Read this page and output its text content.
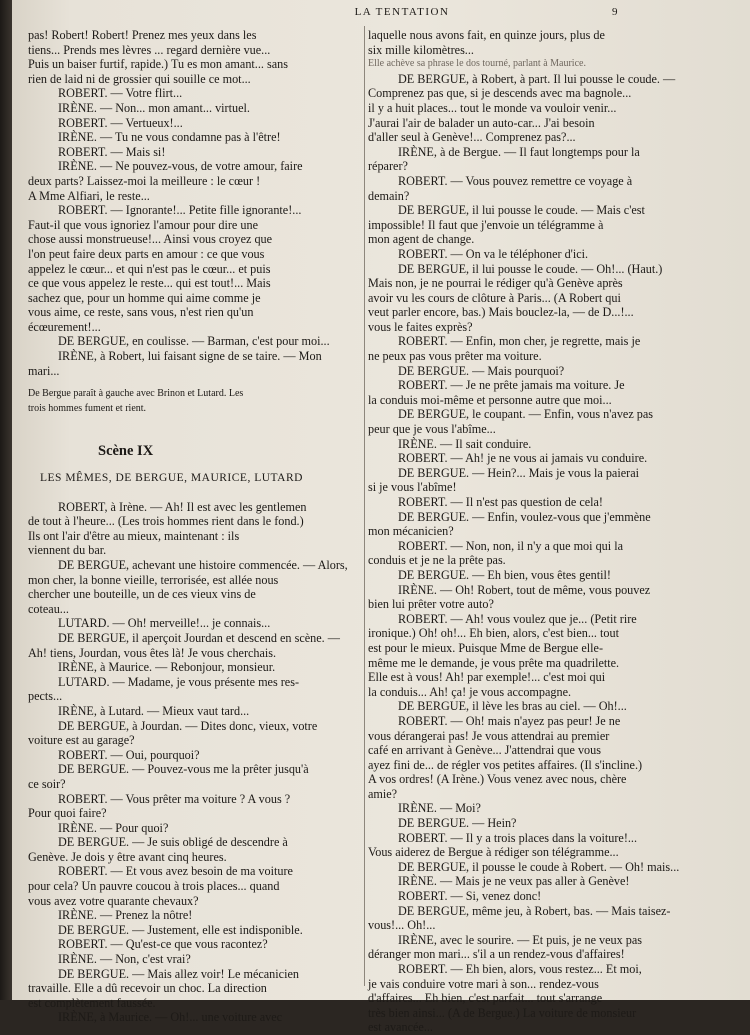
LA TENTATION	9
pas! Robert! Robert! Prenez mes yeux dans les
tiens... Prends mes lèvres ... regard dernière vue...
Puis un baiser furtif, rapide.) Tu es mon amant... sans
rien de laid ni de grossier qui souille ce mot...
ROBERT. — Votre flirt...
IRÈNE. — Non... mon amant... virtuel.
ROBERT. — Vertueux!...
IRÈNE. — Tu ne vous condamne pas à l'être!
ROBERT. — Mais si!
IRÈNE. — Ne pouvez-vous, de votre amour, faire
deux parts? Laissez-moi la meilleure : le cœur !
A Mme Alfiari, le reste...
ROBERT. — Ignorante!... Petite fille ignorante!...
Faut-il que vous ignoriez l'amour pour dire une
chose aussi monstrueuse!... Ainsi vous croyez que
l'on peut faire deux parts en amour : ce que vous
appelez le cœur... et qui n'est pas le cœur... et puis
ce que vous appelez le reste... qui est tout!... Mais
sachez que, pour un homme qui aime comme je
vous aime, ce reste, sans vous, n'est rien qu'un
écœurement!...
DE BERGUE, en coulisse. — Barman, c'est pour moi...
IRÈNE, à Robert, lui faisant signe de se taire. — Mon
mari...
De Bergue paraît à gauche avec Brinon et Lutard. Les
trois hommes fument et rient.
Scène IX
LES MÊMES, DE BERGUE, MAURICE, LUTARD
ROBERT, à Irène. — Ah! Il est avec les gentlemen
de tout à l'heure... (Les trois hommes rient dans le fond.)
Ils ont l'air d'être au mieux, maintenant : ils
viennent du bar.
DE BERGUE, achevant une histoire commencée. — Alors,
mon cher, la bonne vieille, terrorisée, est allée nous
chercher une bouteille, un de ces vieux vins de
coteau...
LUTARD. — Oh! merveille!... je connais...
DE BERGUE, il aperçoit Jourdan et descend en scène. —
Ah! tiens, Jourdan, vous êtes là! Je vous cherchais.
IRÈNE, à Maurice. — Rebonjour, monsieur.
LUTARD. — Madame, je vous présente mes res-
pects...
IRÈNE, à Lutard. — Mieux vaut tard...
DE BERGUE, à Jourdan. — Dites donc, vieux, votre
voiture est au garage?
ROBERT. — Oui, pourquoi?
DE BERGUE. — Pouvez-vous me la prêter jusqu'à
ce soir?
ROBERT. — Vous prêter ma voiture ? A vous ?
Pour quoi faire?
IRÈNE. — Pour quoi?
DE BERGUE. — Je suis obligé de descendre à
Genève. Je dois y être avant cinq heures.
ROBERT. — Et vous avez besoin de ma voiture
pour cela? Un pauvre coucou à trois places... quand
vous avez votre quarante chevaux?
IRÈNE. — Prenez la nôtre!
DE BERGUE. — Justement, elle est indisponible.
ROBERT. — Qu'est-ce que vous racontez?
IRÈNE. — Non, c'est vrai?
DE BERGUE. — Mais allez voir! Le mécanicien
travaille. Elle a dû recevoir un choc. La direction
est complètement faussée.
IRÈNE, à Maurice. — Oh!... une voiture avec
laquelle nous avons fait, en quinze jours, plus de
six mille kilomètres...
Elle achève sa phrase le dos tourné, parlant à Maurice.
DE BERGUE, à Robert, à part. Il lui pousse le coude. —
Comprenez pas que, si je descends avec ma bagnole...
il y a huit places... tout le monde va vouloir venir...
J'aurai l'air de balader un auto-car... J'ai besoin
d'aller seul à Genève!... Comprenez pas?...
IRÈNE, à de Bergue. — Il faut longtemps pour la
réparer?
ROBERT. — Vous pouvez remettre ce voyage à
demain?
DE BERGUE, il lui pousse le coude. — Mais c'est
impossible! Il faut que j'envoie un télégramme à
mon agent de change.
ROBERT. — On va le téléphoner d'ici.
DE BERGUE, il lui pousse le coude. — Oh!... (Haut.)
Mais non, je ne pourrai le rédiger qu'à Genève après
avoir vu les cours de clôture à Paris... (A Robert qui
veut parler encore, bas.) Mais bouclez-la, — de D...!...
vous le faites exprès?
ROBERT. — Enfin, mon cher, je regrette, mais je
ne peux pas vous prêter ma voiture.
DE BERGUE. — Mais pourquoi?
ROBERT. — Je ne prête jamais ma voiture. Je
la conduis moi-même et personne autre que moi...
DE BERGUE, le coupant. — Enfin, vous n'avez pas
peur que je vous l'abîme...
IRÈNE. — Il sait conduire.
ROBERT. — Ah! je ne vous ai jamais vu conduire.
DE BERGUE. — Hein?... Mais je vous la paierai
si je vous l'abîme!
ROBERT. — Il n'est pas question de cela!
DE BERGUE. — Enfin, voulez-vous que j'emmène
mon mécanicien?
ROBERT. — Non, non, il n'y a que moi qui la
conduis et je ne la prête pas.
DE BERGUE. — Eh bien, vous êtes gentil!
IRÈNE. — Oh! Robert, tout de même, vous pouvez
bien lui prêter votre auto?
ROBERT. — Ah! vous voulez que je... (Petit rire
ironique.) Oh! oh!... Eh bien, alors, c'est bien... tout
est pour le mieux. Puisque Mme de Bergue elle-
même me le demande, je vous prête ma quadrilette.
Elle est à vous! Ah! par exemple!... c'est moi qui
la conduis... Ah! ça! je vous accompagne.
DE BERGUE, il lève les bras au ciel. — Oh!...
ROBERT. — Oh! mais n'ayez pas peur! Je ne
vous dérangerai pas! Je vous attendrai au premier
café en arrivant à Genève... J'attendrai que vous
ayez fini de... de régler vos petites affaires. (Il s'incline.)
A vos ordres! (A Irène.) Vous venez avec nous, chère
amie?
IRÈNE. — Moi?
DE BERGUE. — Hein?
ROBERT. — Il y a trois places dans la voiture!...
Vous aiderez de Bergue à rédiger son télégramme...
DE BERGUE, il pousse le coude à Robert. — Oh! mais...
IRÈNE. — Mais je ne veux pas aller à Genève!
ROBERT. — Si, venez donc!
DE BERGUE, même jeu, à Robert, bas. — Mais taisez-
vous!... Oh!...
IRÈNE, avec le sourire. — Et puis, je ne veux pas
déranger mon mari... s'il a un rendez-vous d'affaires!
ROBERT. — Eh bien, alors, vous restez... Et moi,
je vais conduire votre mari à son... rendez-vous
d'affaires... Eh bien, c'est parfait... tout s'arrange
très bien ainsi... (A de Bergue.) La voiture de monsieur
est avancée...
